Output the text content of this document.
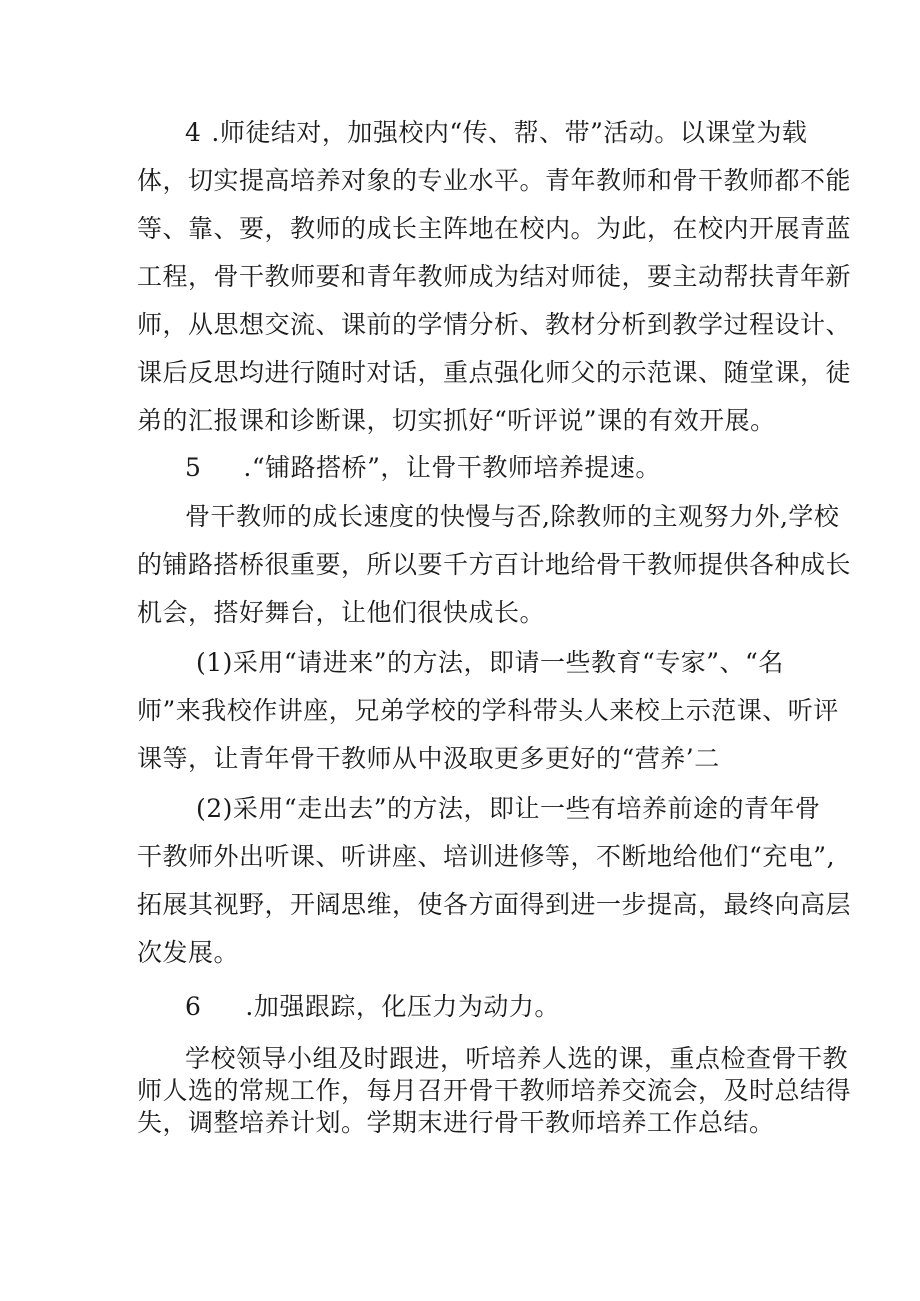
4 .师徒结对，加强校内“传、帮、带”活动。以课堂为载
体，切实提高培养对象的专业水平。青年教师和骨干教师都不能
等、靠、要，教师的成长主阵地在校内。为此，在校内开展青蓝
工程，骨干教师要和青年教师成为结对师徒，要主动帮扶青年新
师，从思想交流、课前的学情分析、教材分析到教学过程设计、
课后反思均进行随时对话，重点强化师父的示范课、随堂课，徒
弟的汇报课和诊断课，切实抓好“听评说”课的有效开展。
5 .“铺路搭桥”，让骨干教师培养提速。
骨干教师的成长速度的快慢与否,除教师的主观努力外,学校
的铺路搭桥很重要，所以要千方百计地给骨干教师提供各种成长
机会，搭好舞台，让他们很快成长。
(1)采用“请进来”的方法，即请一些教育“专家”、“名
师”来我校作讲座，兄弟学校的学科带头人来校上示范课、听评
课等，让青年骨干教师从中汲取更多更好的“营养’二
(2)采用“走出去”的方法，即让一些有培养前途的青年骨
干教师外出听课、听讲座、培训进修等，不断地给他们“充电”,
拓展其视野，开阔思维，使各方面得到进一步提高，最终向高层
次发展。
6 .加强跟踪，化压力为动力。
学校领导小组及时跟进，听培养人选的课，重点检查骨干教
师人选的常规工作，每月召开骨干教师培养交流会，及时总结得
失，调整培养计划。学期末进行骨干教师培养工作总结。
